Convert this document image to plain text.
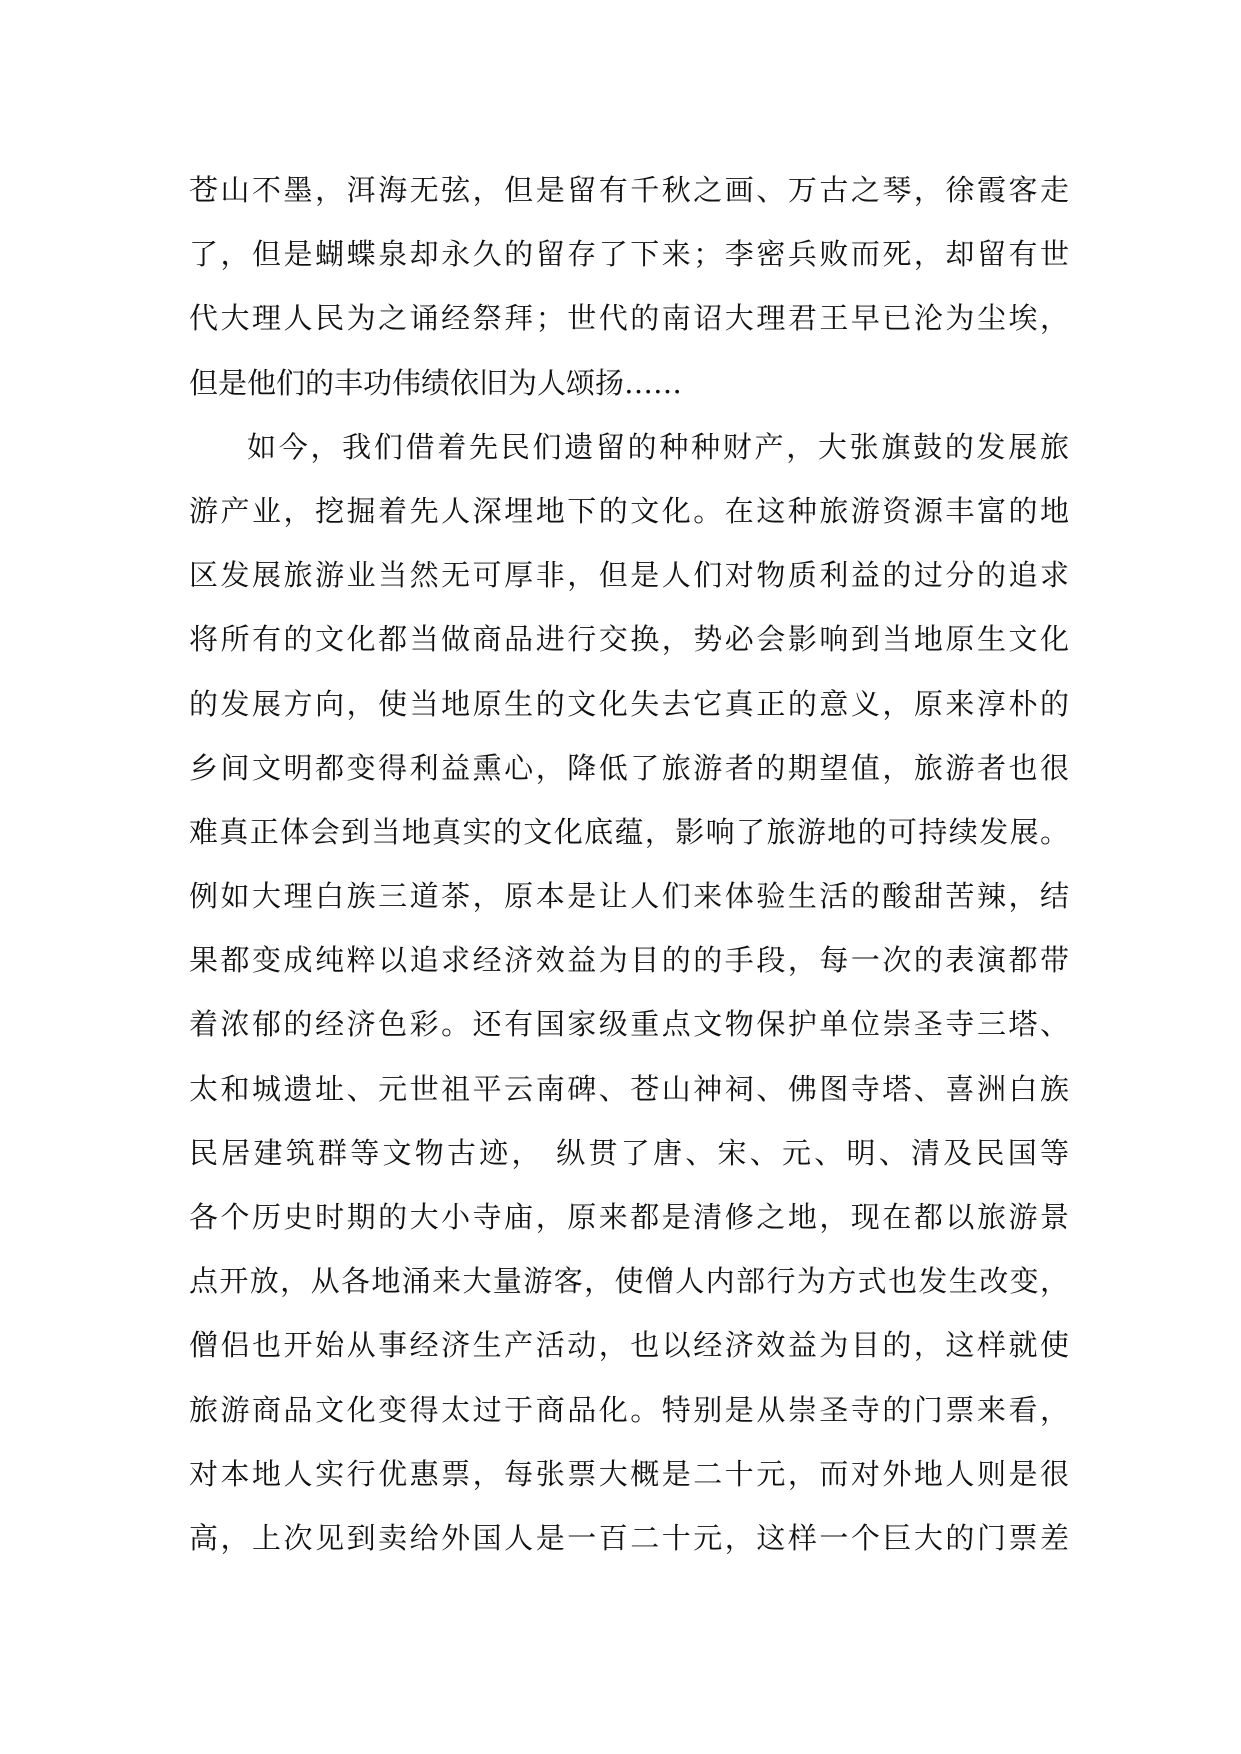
苍山不墨，洱海无弦，但是留有千秋之画、万古之琴，徐霞客走
了，但是蝴蝶泉却永久的留存了下来；李密兵败而死，却留有世
代大理人民为之诵经祭拜；世代的南诏大理君王早已沦为尘埃，
但是他们的丰功伟绩依旧为人颂扬……
如今，我们借着先民们遗留的种种财产，大张旗鼓的发展旅
游产业，挖掘着先人深埋地下的文化。在这种旅游资源丰富的地
区发展旅游业当然无可厚非，但是人们对物质利益的过分的追求
将所有的文化都当做商品进行交换，势必会影响到当地原生文化
的发展方向，使当地原生的文化失去它真正的意义，原来淳朴的
乡间文明都变得利益熏心，降低了旅游者的期望值，旅游者也很
难真正体会到当地真实的文化底蕴，影响了旅游地的可持续发展。
例如大理白族三道茶，原本是让人们来体验生活的酸甜苦辣，结
果都变成纯粹以追求经济效益为目的的手段，每一次的表演都带
着浓郁的经济色彩。还有国家级重点文物保护单位崇圣寺三塔、
太和城遗址、元世祖平云南碑、苍山神祠、佛图寺塔、喜洲白族
民居建筑群等文物古迹， 纵贯了唐、宋、元、明、清及民国等
各个历史时期的大小寺庙，原来都是清修之地，现在都以旅游景
点开放，从各地涌来大量游客，使僧人内部行为方式也发生改变，
僧侣也开始从事经济生产活动，也以经济效益为目的，这样就使
旅游商品文化变得太过于商品化。特别是从崇圣寺的门票来看，
对本地人实行优惠票，每张票大概是二十元，而对外地人则是很
高，上次见到卖给外国人是一百二十元，这样一个巨大的门票差
